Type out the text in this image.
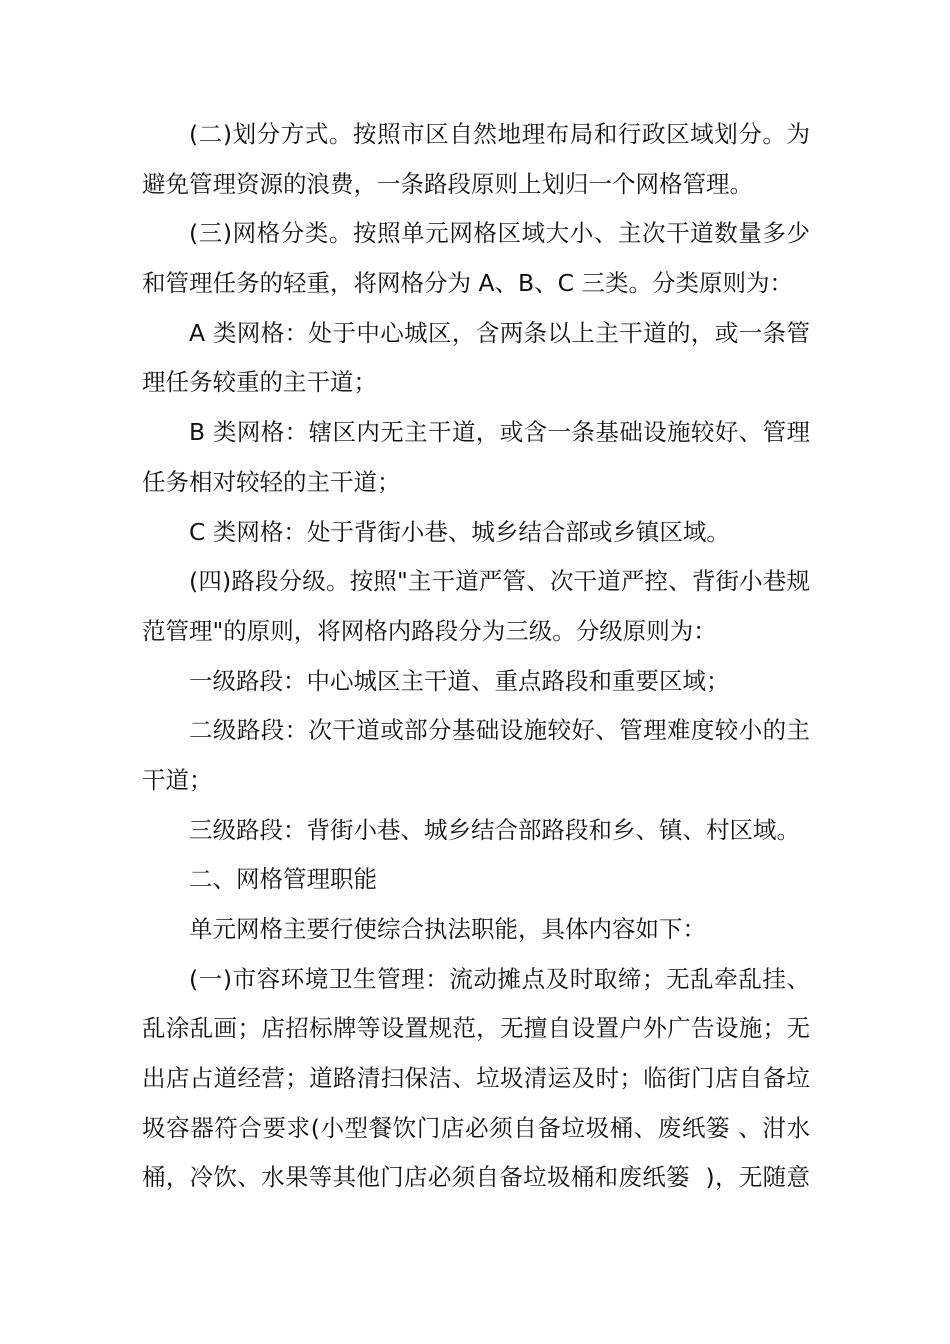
(二)划分方式。按照市区自然地理布局和行政区域划分。为
避免管理资源的浪费，一条路段原则上划归一个网格管理。
(三)网格分类。按照单元网格区域大小、主次干道数量多少
和管理任务的轻重，将网格分为 A、B、C 三类。分类原则为：
A 类网格：处于中心城区，含两条以上主干道的，或一条管
理任务较重的主干道；
B 类网格：辖区内无主干道，或含一条基础设施较好、管理
任务相对较轻的主干道；
C 类网格：处于背街小巷、城乡结合部或乡镇区域。
(四)路段分级。按照"主干道严管、次干道严控、背街小巷规
范管理"的原则，将网格内路段分为三级。分级原则为：
一级路段：中心城区主干道、重点路段和重要区域；
二级路段：次干道或部分基础设施较好、管理难度较小的主
干道；
三级路段：背街小巷、城乡结合部路段和乡、镇、村区域。
二、网格管理职能
单元网格主要行使综合执法职能，具体内容如下：
(一)市容环境卫生管理：流动摊点及时取缔；无乱牵乱挂、
乱涂乱画；店招标牌等设置规范，无擅自设置户外广告设施；无
出店占道经营；道路清扫保洁、垃圾清运及时；临街门店自备垃
圾容器符合要求(小型餐饮门店必须自备垃圾桶、废纸篓 、泔水
桶，冷饮、水果等其他门店必须自备垃圾桶和废纸篓  )，无随意
